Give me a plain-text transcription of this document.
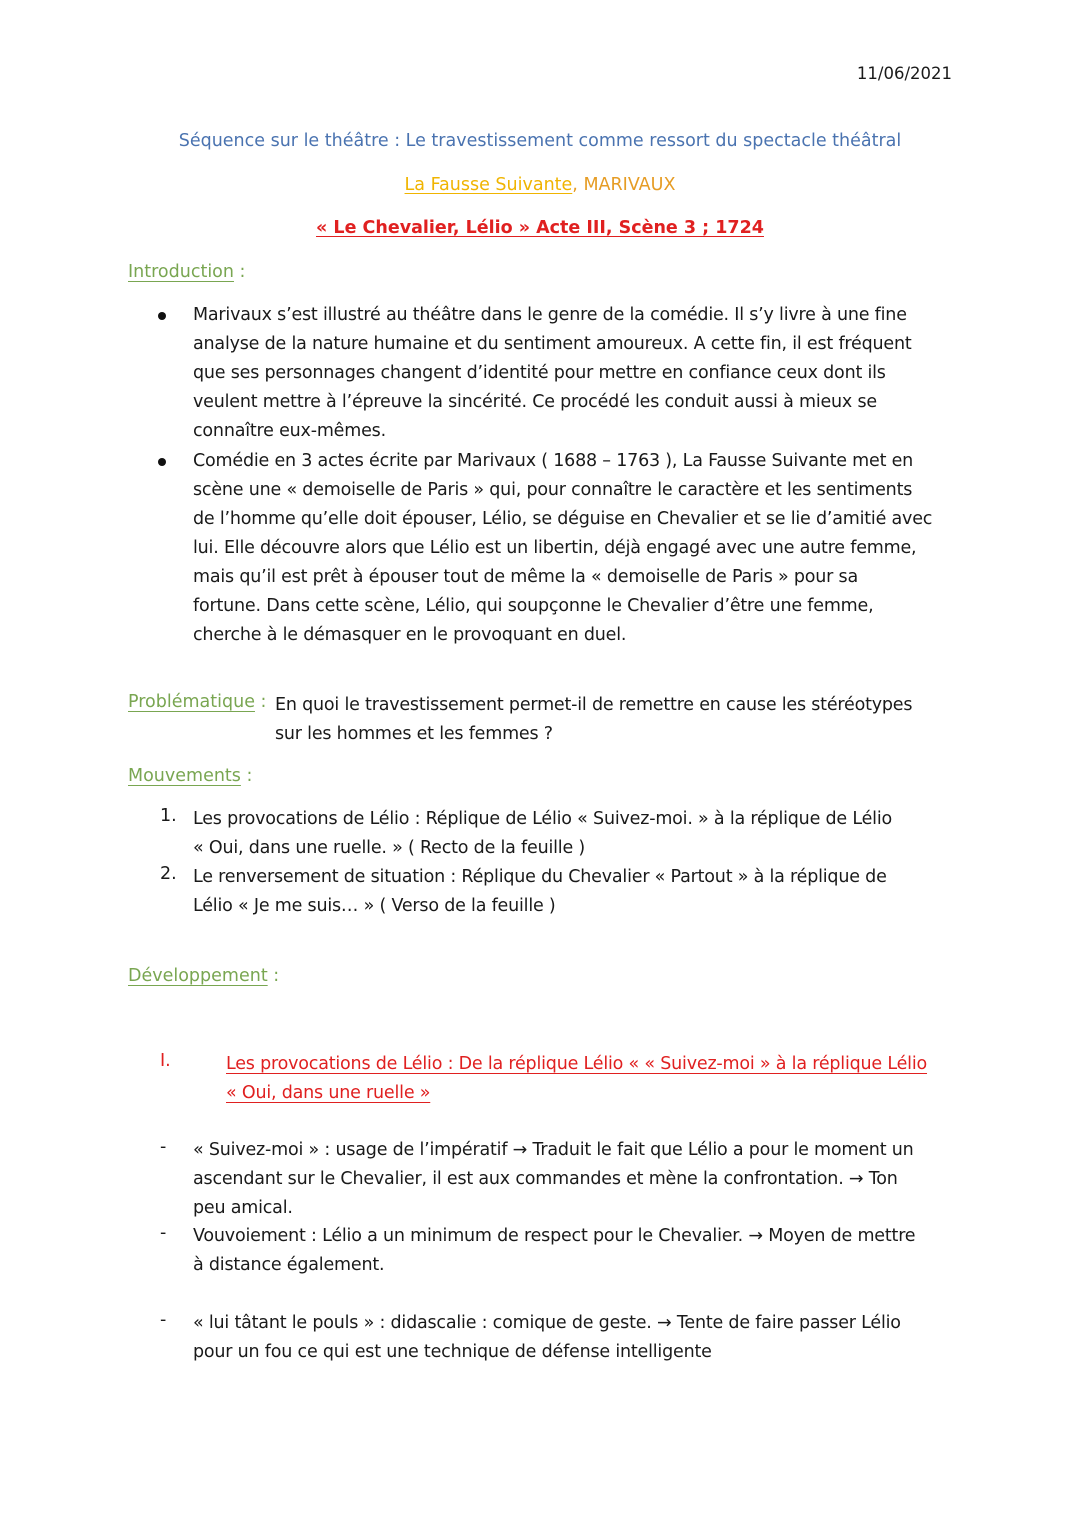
11/06/2021
Séquence sur le théâtre : Le travestissement comme ressort du spectacle théâtral
La Fausse Suivante, MARIVAUX
« Le Chevalier, Lélio » Acte III, Scène 3 ; 1724
Introduction :
Marivaux s’est illustré au théâtre dans le genre de la comédie. Il s’y livre à une fine
analyse de la nature humaine et du sentiment amoureux. A cette fin, il est fréquent
que ses personnages changent d’identité pour mettre en confiance ceux dont ils
veulent mettre à l’épreuve la sincérité. Ce procédé les conduit aussi à mieux se
connaître eux-mêmes.
Comédie en 3 actes écrite par Marivaux ( 1688 – 1763 ), La Fausse Suivante met en
scène une « demoiselle de Paris » qui, pour connaître le caractère et les sentiments
de l’homme qu’elle doit épouser, Lélio, se déguise en Chevalier et se lie d’amitié avec
lui. Elle découvre alors que Lélio est un libertin, déjà engagé avec une autre femme,
mais qu’il est prêt à épouser tout de même la « demoiselle de Paris » pour sa
fortune. Dans cette scène, Lélio, qui soupçonne le Chevalier d’être une femme,
cherche à le démasquer en le provoquant en duel.
Problématique : En quoi le travestissement permet-il de remettre en cause les stéréotypes
sur les hommes et les femmes ?
Mouvements :
1. Les provocations de Lélio : Réplique de Lélio « Suivez-moi. » à la réplique de Lélio
« Oui, dans une ruelle. » ( Recto de la feuille )
2. Le renversement de situation : Réplique du Chevalier « Partout » à la réplique de
Lélio « Je me suis… » ( Verso de la feuille )
Développement :
I.	Les provocations de Lélio : De la réplique Lélio « « Suivez-moi » à la réplique Lélio
« Oui, dans une ruelle »
- « Suivez-moi » : usage de l’impératif → Traduit le fait que Lélio a pour le moment un
ascendant sur le Chevalier, il est aux commandes et mène la confrontation. → Ton
peu amical.
- Vouvoiement : Lélio a un minimum de respect pour le Chevalier. → Moyen de mettre
à distance également.
- « lui tâtant le pouls » : didascalie : comique de geste. → Tente de faire passer Lélio
pour un fou ce qui est une technique de défense intelligente
